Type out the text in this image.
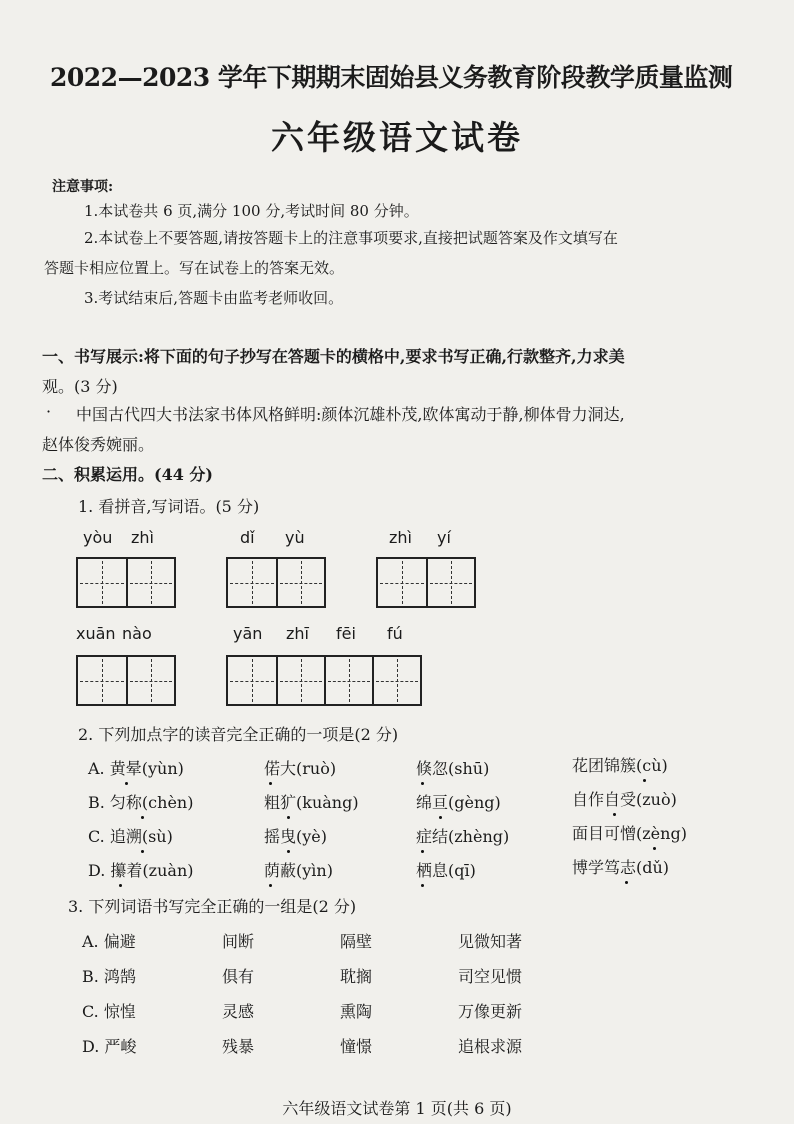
2022—2023 学年下期期末固始县义务教育阶段教学质量监测
六年级语文试卷
注意事项:
1.本试卷共 6 页,满分 100 分,考试时间 80 分钟。
2.本试卷上不要答题,请按答题卡上的注意事项要求,直接把试题答案及作文填写在
答题卡相应位置上。写在试卷上的答案无效。
3.考试结束后,答题卡由监考老师收回。
一、书写展示:将下面的句子抄写在答题卡的横格中,要求书写正确,行款整齐,力求美
观。(3 分)
· 中国古代四大书法家书体风格鲜明:颜体沉雄朴茂,欧体寓动于静,柳体骨力洞达,
赵体俊秀婉丽。
二、积累运用。(44 分)
1. 看拼音,写词语。(5 分)
yòu zhì	dǐ yù	zhì yí
xuān nào	yān zhī fēi fú
2. 下列加点字的读音完全正确的一项是(2 分)
A. 黄晕(yùn)	偌大(ruò)	倏忽(shū)	花团锦簇(cù)
B. 匀称(chèn)	粗犷(kuàng)	绵亘(gèng)	自作自受(zuò)
C. 追溯(sù)	摇曳(yè)	症结(zhèng)	面目可憎(zèng)
D. 攥着(zuàn)	荫蔽(yìn)	栖息(qī)	博学笃志(dǔ)
3. 下列词语书写完全正确的一组是(2 分)
A. 偏避	间断	隔壁	见微知著
B. 鸿鹄	俱有	耽搁	司空见惯
C. 惊惶	灵感	熏陶	万像更新
D. 严峻	残暴	憧憬	追根求源
六年级语文试卷第 1 页(共 6 页)
